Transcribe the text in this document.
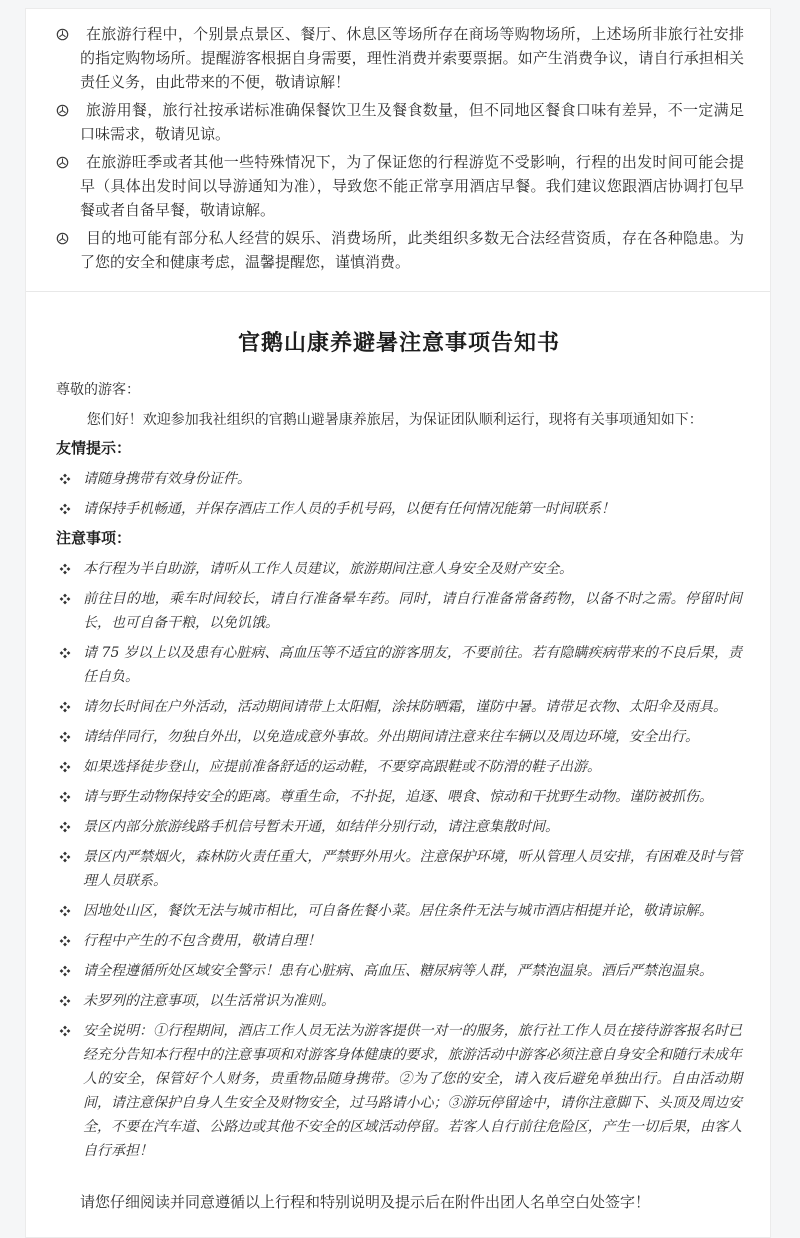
在旅游行程中，个别景点景区、餐厅、休息区等场所存在商场等购物场所，上述场所非旅行社安排的指定购物场所。提醒游客根据自身需要，理性消费并索要票据。如产生消费争议，请自行承担相关责任义务，由此带来的不便，敬请谅解！
旅游用餐，旅行社按承诺标准确保餐饮卫生及餐食数量，但不同地区餐食口味有差异，不一定满足口味需求，敬请见谅。
在旅游旺季或者其他一些特殊情况下，为了保证您的行程游览不受影响，行程的出发时间可能会提早（具体出发时间以导游通知为准），导致您不能正常享用酒店早餐。我们建议您跟酒店协调打包早餐或者自备早餐，敬请谅解。
目的地可能有部分私人经营的娱乐、消费场所，此类组织多数无合法经营资质，存在各种隐患。为了您的安全和健康考虑，温馨提醒您，谨慎消费。
官鹅山康养避暑注意事项告知书

尊敬的游客：

您们好！欢迎参加我社组织的官鹅山避暑康养旅居，为保证团队顺利运行，现将有关事项通知如下：

友情提示：

请随身携带有效身份证件。
请保持手机畅通，并保存酒店工作人员的手机号码，以便有任何情况能第一时间联系！

注意事项：

本行程为半自助游，请听从工作人员建议，旅游期间注意人身安全及财产安全。
前往目的地，乘车时间较长，请自行准备晕车药。同时，请自行准备常备药物，以备不时之需。停留时间长，也可自备干粮，以免饥饿。
请 75 岁以上以及患有心脏病、高血压等不适宜的游客朋友，不要前往。若有隐瞒疾病带来的不良后果，责任自负。
请勿长时间在户外活动，活动期间请带上太阳帽，涂抹防晒霜，谨防中暑。请带足衣物、太阳伞及雨具。
请结伴同行，勿独自外出，以免造成意外事故。外出期间请注意来往车辆以及周边环境，安全出行。
如果选择徒步登山，应提前准备舒适的运动鞋，不要穿高跟鞋或不防滑的鞋子出游。
请与野生动物保持安全的距离。尊重生命，不扑捉，追逐、喂食、惊动和干扰野生动物。谨防被抓伤。
景区内部分旅游线路手机信号暂未开通，如结伴分别行动，请注意集散时间。
景区内严禁烟火，森林防火责任重大，严禁野外用火。注意保护环境，听从管理人员安排，有困难及时与管理人员联系。
因地处山区，餐饮无法与城市相比，可自备佐餐小菜。居住条件无法与城市酒店相提并论，敬请谅解。
行程中产生的不包含费用，敬请自理！
请全程遵循所处区域安全警示！患有心脏病、高血压、糖尿病等人群，严禁泡温泉。酒后严禁泡温泉。
未罗列的注意事项，以生活常识为准则。
安全说明：①行程期间，酒店工作人员无法为游客提供一对一的服务，旅行社工作人员在接待游客报名时已经充分告知本行程中的注意事项和对游客身体健康的要求，旅游活动中游客必须注意自身安全和随行未成年人的安全，保管好个人财务，贵重物品随身携带。②为了您的安全，请入夜后避免单独出行。自由活动期间，请注意保护自身人生安全及财物安全，过马路请小心；③游玩停留途中，请你注意脚下、头顶及周边安全，不要在汽车道、公路边或其他不安全的区域活动停留。若客人自行前往危险区，产生一切后果，由客人自行承担！

请您仔细阅读并同意遵循以上行程和特别说明及提示后在附件出团人名单空白处签字！
